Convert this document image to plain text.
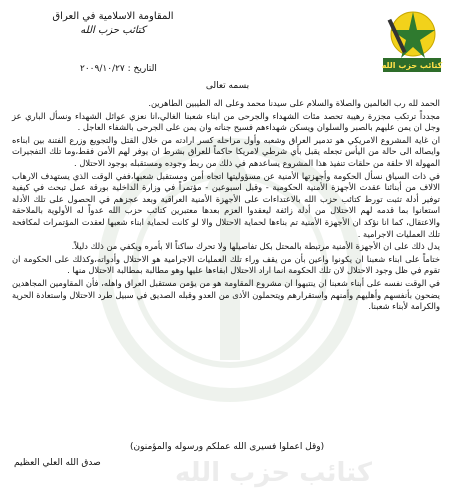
المقاومة الاسلامية في العراق
كتائب حزب الله
كتائب حزب الله
التاريخ : ٢٠٠٩/١٠/٢٧
بسمه تعالى

الحمد لله رب العالمين والصلاة والسلام على سيدنا محمد وعلى اله الطيبين الطاهرين.

مجدداً ترتكب مجزرة رهيبة تحصد مئات الشهداء والجرحى من ابناء شعبنا الغالي،انا نعزي عوائل الشهداء ونسأل الباري عز وجل ان يمن عليهم بالصبر والسلوان ويسكن شهداءهم فسيح جناته وان يمن على الجرحى بالشفاء العاجل .

ان غاية المشروع الامريكي هو تدمير العراق وشعبه وأول مراحله كسر ارادته من خلال القتل والتجويع وزرع الفتنة بين ابناءه وايصاله الى حالة من اليأس تجعله يقبل بأي شرطي لامريكا حاكماً للعراق بشرط ان يوفر لهم الأمن فقط،وما تلك التفجيرات المهولة الا حلقة من حلقات تنفيذ هذا المشروع يساعدهم في ذلك من ربط وجوده ومستقبله بوجود الاحتلال .

في ذات السياق نسأل الحكومة وأجهزتها الأمنية عن مسؤوليتها اتجاه أمن ومستقبل شعبها،ففي الوقت الذي يستهدف الارهاب الالاف من أبنائنا عقدت الأجهزة الأمنية الحكومية - وقبل اسبوعين - مؤتمراً في وزارة الداخلية بورقة عمل تبحث في كيفية توفير أدلة تثبت تورط كتائب حزب الله بالاعتداءات على الأجهزة الأمنية العراقية وبعد عجزهم في الحصول على تلك الأدلة استعانوا بما قدمه لهم الاحتلال من أدلة زائفة ليعقدوا العزم بعدها معتبرين كتائب حزب الله عدواً له الأولوية بالملاحقة والاعتقال، كما انا نؤكد ان الأجهزة الأمنية تم بناءها لحماية الاحتلال والا لو كانت لحماية ابناء شعبها لعقدت المؤتمرات لمكافحة تلك العمليات الاجرامية .

يدل ذلك على ان الأجهزة الأمنية مرتبطة بالمحتل بكل تفاصيلها ولا تحرك ساكناً الا بأمره ويكفي من ذلك دليلاً.

ختاماً على ابناء شعبنا ان يكونوا واعين بأن من يقف وراء تلك العمليات الاجرامية هو الاحتلال وأدواته،وكذلك على الحكومة ان تقوم في ظل وجود الاحتلال لان تلك الحكومة انما اراد الاحتلال ابقاءها عليها وهو مطالبة بمطالبة الاحتلال منها .

في الوقت نفسه على أبناء شعبنا ان ينتبهوا ان مشروع المقاومة هو من يؤمن مستقبل العراق واهله، فأن المقاومين المجاهدين يضحون بأنفسهم وأهليهم وأمنهم واستقرارهم ويتحملون الأذى من العدو وقبله الصديق في سبيل طرد الاحتلال واستعادة الحرية والكرامة لأبناء شعبنا.

(وقل اعملوا فسيرى الله عملكم ورسوله والمؤمنون)
صدق الله العلي العظيم	كتائب حزب الله
